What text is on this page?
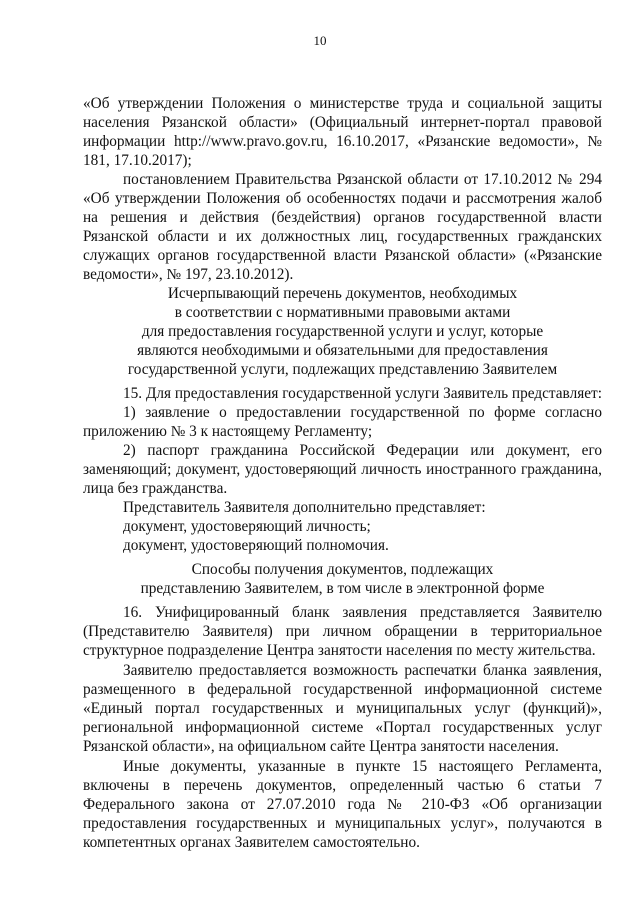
10

«Об утверждении Положения о министерстве труда и социальной защиты населения Рязанской области» (Официальный интернет-портал правовой информации http://www.pravo.gov.ru, 16.10.2017, «Рязанские ведомости», № 181, 17.10.2017);

постановлением Правительства Рязанской области от 17.10.2012 № 294 «Об утверждении Положения об особенностях подачи и рассмотрения жалоб на решения и действия (бездействия) органов государственной власти Рязанской области и их должностных лиц, государственных гражданских служащих органов государственной власти Рязанской области» («Рязанские ведомости», № 197, 23.10.2012).

Исчерпывающий перечень документов, необходимых
в соответствии с нормативными правовыми актами
для предоставления государственной услуги и услуг, которые
являются необходимыми и обязательными для предоставления
государственной услуги, подлежащих представлению Заявителем

15. Для предоставления государственной услуги Заявитель представляет:

1) заявление о предоставлении государственной по форме согласно приложению № 3 к настоящему Регламенту;

2) паспорт гражданина Российской Федерации или документ, его заменяющий; документ, удостоверяющий личность иностранного гражданина, лица без гражданства.

Представитель Заявителя дополнительно представляет:

документ, удостоверяющий личность;

документ, удостоверяющий полномочия.

Способы получения документов, подлежащих
представлению Заявителем, в том числе в электронной форме

16. Унифицированный бланк заявления представляется Заявителю (Представителю Заявителя) при личном обращении в территориальное структурное подразделение Центра занятости населения по месту жительства.

Заявителю предоставляется возможность распечатки бланка заявления, размещенного в федеральной государственной информационной системе «Единый портал государственных и муниципальных услуг (функций)», региональной информационной системе «Портал государственных услуг Рязанской области», на официальном сайте Центра занятости населения.

Иные документы, указанные в пункте 15 настоящего Регламента, включены в перечень документов, определенный частью 6 статьи 7 Федерального закона от 27.07.2010 года № 210-ФЗ «Об организации предоставления государственных и муниципальных услуг», получаются в компетентных органах Заявителем самостоятельно.
